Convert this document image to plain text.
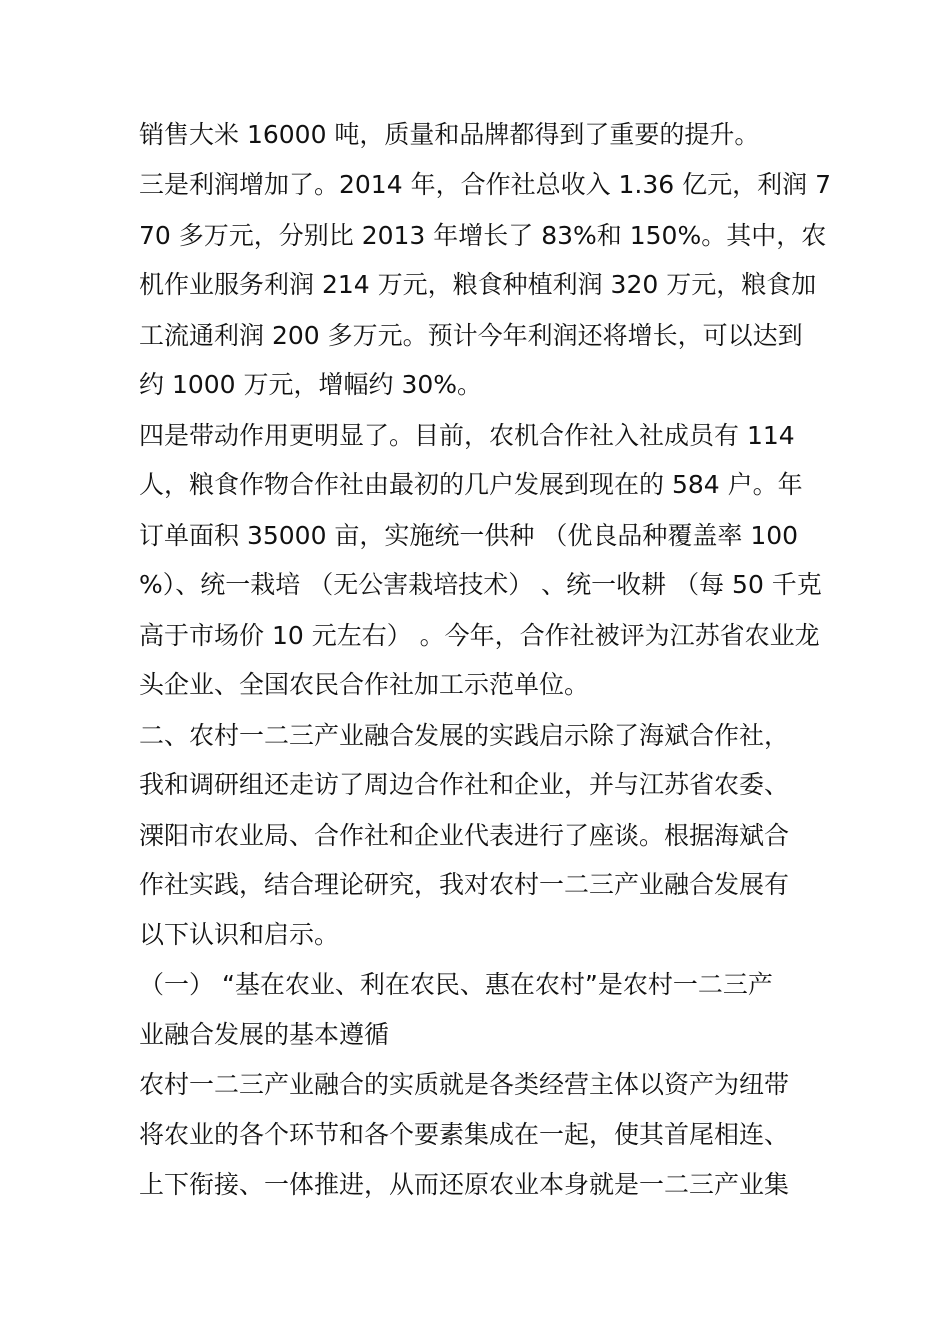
销售大米 16000 吨，质量和品牌都得到了重要的提升。
三是利润增加了。2014 年，合作社总收入 1.36 亿元，利润 7
70 多万元，分别比 2013 年增长了 83%和 150%。其中，农
机作业服务利润 214 万元，粮食种植利润 320 万元，粮食加
工流通利润 200 多万元。预计今年利润还将增长，可以达到
约 1000 万元，增幅约 30%。
四是带动作用更明显了。目前，农机合作社入社成员有 114
人，粮食作物合作社由最初的几户发展到现在的 584 户。年
订单面积 35000 亩，实施统一供种 （优良品种覆盖率 100
%）、统一栽培 （无公害栽培技术） 、统一收耕 （每 50 千克
高于市场价 10 元左右） 。今年，合作社被评为江苏省农业龙
头企业、全国农民合作社加工示范单位。
二、农村一二三产业融合发展的实践启示除了海斌合作社，
我和调研组还走访了周边合作社和企业，并与江苏省农委、
溧阳市农业局、合作社和企业代表进行了座谈。根据海斌合
作社实践，结合理论研究，我对农村一二三产业融合发展有
以下认识和启示。
（一） “基在农业、利在农民、惠在农村”是农村一二三产
业融合发展的基本遵循
农村一二三产业融合的实质就是各类经营主体以资产为纽带
将农业的各个环节和各个要素集成在一起，使其首尾相连、
上下衔接、一体推进，从而还原农业本身就是一二三产业集
